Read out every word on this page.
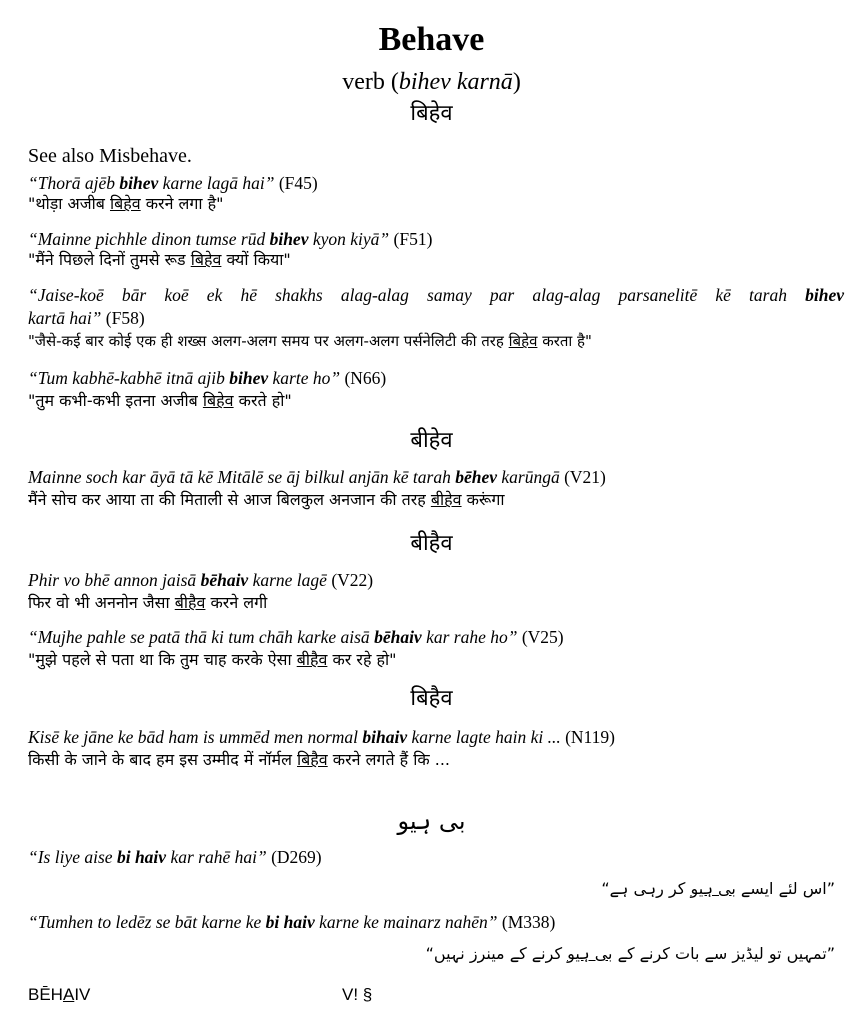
Behave
verb (bihev karnā)
बिहेव
See also Misbehave.
“Thorā ajēb bihev karne lagā hai” (F45)
"थोड़ा अजीब बिहेव करने लगा है"
“Mainne pichhle dinon tumse rūd bihev kyon kiyā” (F51)
"मैंने पिछले दिनों तुमसे रूड बिहेव क्यों किया"
“Jaise-koē bār koē ek hē shakhs alag-alag samay par alag-alag parsanelitē kē tarah bihev
kartā hai” (F58)
"जैसे-कई बार कोई एक ही शख्स अलग-अलग समय पर अलग-अलग पर्सनेलिटी की तरह बिहेव करता है"
“Tum kabhē-kabhē itnā ajib bihev karte ho” (N66)
"तुम कभी-कभी इतना अजीब बिहेव करते हो"
बीहेव
Mainne soch kar āyā tā kē Mitālē se āj bilkul anjān kē tarah bēhev karūngā (V21)
मैंने सोच कर आया ता की मिताली से आज बिलकुल अनजान की तरह बीहेव करूंगा
बीहैव
Phir vo bhē annon jaisā bēhaiv karne lagē (V22)
फिर वो भी अननोन जैसा बीहैव करने लगी
“Mujhe pahle se patā thā ki tum chāh karke aisā bēhaiv kar rahe ho” (V25)
"मुझे पहले से पता था कि तुम चाह करके ऐसा बीहैव कर रहे हो"
बिहैव
Kisē ke jāne ke bād ham is ummēd men normal bihaiv karne lagte hain ki ... (N119)
किसी के जाने के बाद हम इस उम्मीद में नॉर्मल बिहैव करने लगते हैं कि ...
بی ہیو
“Is liye aise bi haiv kar rahē hai” (D269)
”اس لئے ایسے بی ہیو کر رہی ہے“
“Tumhen to ledēz se bāt karne ke bi haiv karne ke mainarz nahēn” (M338)
”تمہیں تو لیڈیز سے بات کرنے کے بی ہیو کرنے کے مینرز نہیں“
BĒHAIV	V! §
